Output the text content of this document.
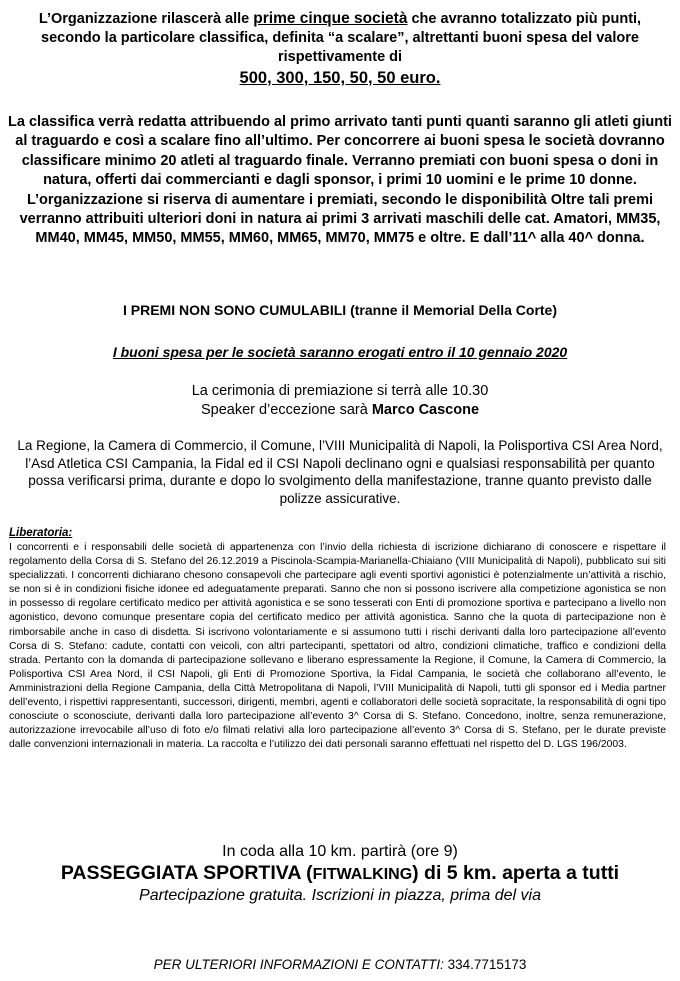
L’Organizzazione rilascerà alle prime cinque società che avranno totalizzato più punti, secondo la particolare classifica, definita “a scalare”, altrettanti buoni spesa del valore rispettivamente di
500, 300, 150, 50, 50 euro.
La classifica verrà redatta attribuendo al primo arrivato tanti punti quanti saranno gli atleti giunti al traguardo e così a scalare fino all’ultimo. Per concorrere ai buoni spesa le società dovranno classificare minimo 20 atleti al traguardo finale. Verranno premiati con buoni spesa o doni in natura, offerti dai commercianti e dagli sponsor, i primi 10 uomini e le prime 10 donne.
L’organizzazione si riserva di aumentare i premiati, secondo le disponibilità Oltre tali premi verranno attribuiti ulteriori doni in natura ai primi 3 arrivati maschili delle cat. Amatori, MM35, MM40, MM45, MM50, MM55, MM60, MM65, MM70, MM75 e oltre. E dall’11^ alla 40^ donna.
I PREMI NON SONO CUMULABILI (tranne il Memorial Della Corte)
I buoni spesa per le società saranno erogati entro il 10 gennaio 2020
La cerimonia di premiazione si terrà alle 10.30
Speaker d’eccezione sarà Marco Cascone
La Regione, la Camera di Commercio, il Comune, l’VIII Municipalità di Napoli, la Polisportiva CSI Area Nord, l’Asd Atletica CSI Campania, la Fidal ed il CSI Napoli declinano ogni e qualsiasi responsabilità per quanto possa verificarsi prima, durante e dopo lo svolgimento della manifestazione, tranne quanto previsto dalle polizze assicurative.
Liberatoria:
I concorrenti e i responsabili delle società di appartenenza con l’invio della richiesta di iscrizione dichiarano di conoscere e rispettare il regolamento della Corsa di S. Stefano del 26.12.2019 a Piscinola-Scampia-Marianella-Chiaiano (VIII Municipalità di Napoli), pubblicato sui siti specializzati. I concorrenti dichiarano chesono consapevoli che partecipare agli eventi sportivi agonistici è potenzialmente un’attività a rischio, se non si è in condizioni fisiche idonee ed adeguatamente preparati. Sanno che non si possono iscrivere alla competizione agonistica se non in possesso di regolare certificato medico per attività agonistica e se sono tesserati con Enti di promozione sportiva e partecipano a livello non agonistico, devono comunque presentare copia del certificato medico per attività agonistica. Sanno che la quota di partecipazione non è rimborsabile anche in caso di disdetta. Si iscrivono volontariamente e si assumono tutti i rischi derivanti dalla loro partecipazione all’evento Corsa di S. Stefano: cadute, contatti con veicoli, con altri partecipanti, spettatori od altro, condizioni climatiche, traffico e condizioni della strada. Pertanto con la domanda di partecipazione sollevano e liberano espressamente la Regione, il Comune, la Camera di Commercio, la Polisportiva CSI Area Nord, il CSI Napoli, gli Enti di Promozione Sportiva, la Fidal Campania, le società che collaborano all’evento, le Amministrazioni della Regione Campania, della Città Metropolitana di Napoli, l’VIII Municipalità di Napoli, tutti gli sponsor ed i Media partner dell’evento, i rispettivi rappresentanti, successori, dirigenti, membri, agenti e collaboratori delle società sopracitate, la responsabilità di ogni tipo conosciute o sconosciute, derivanti dalla loro partecipazione all’evento 3^ Corsa di S. Stefano. Concedono, inoltre, senza remunerazione, autorizzazione irrevocabile all’uso di foto e/o filmati relativi alla loro partecipazione all’evento 3^ Corsa di S. Stefano, per le durate previste dalle convenzioni internazionali in materia. La raccolta e l’utilizzo dei dati personali saranno effettuati nel rispetto del D. LGS 196/2003.
In coda alla 10 km. partirà (ore 9)
PASSEGGIATA SPORTIVA (FITWALKING) di 5 km. aperta a tutti
Partecipazione gratuita. Iscrizioni in piazza, prima del via
PER ULTERIORI INFORMAZIONI E CONTATTI: 334.7715173
